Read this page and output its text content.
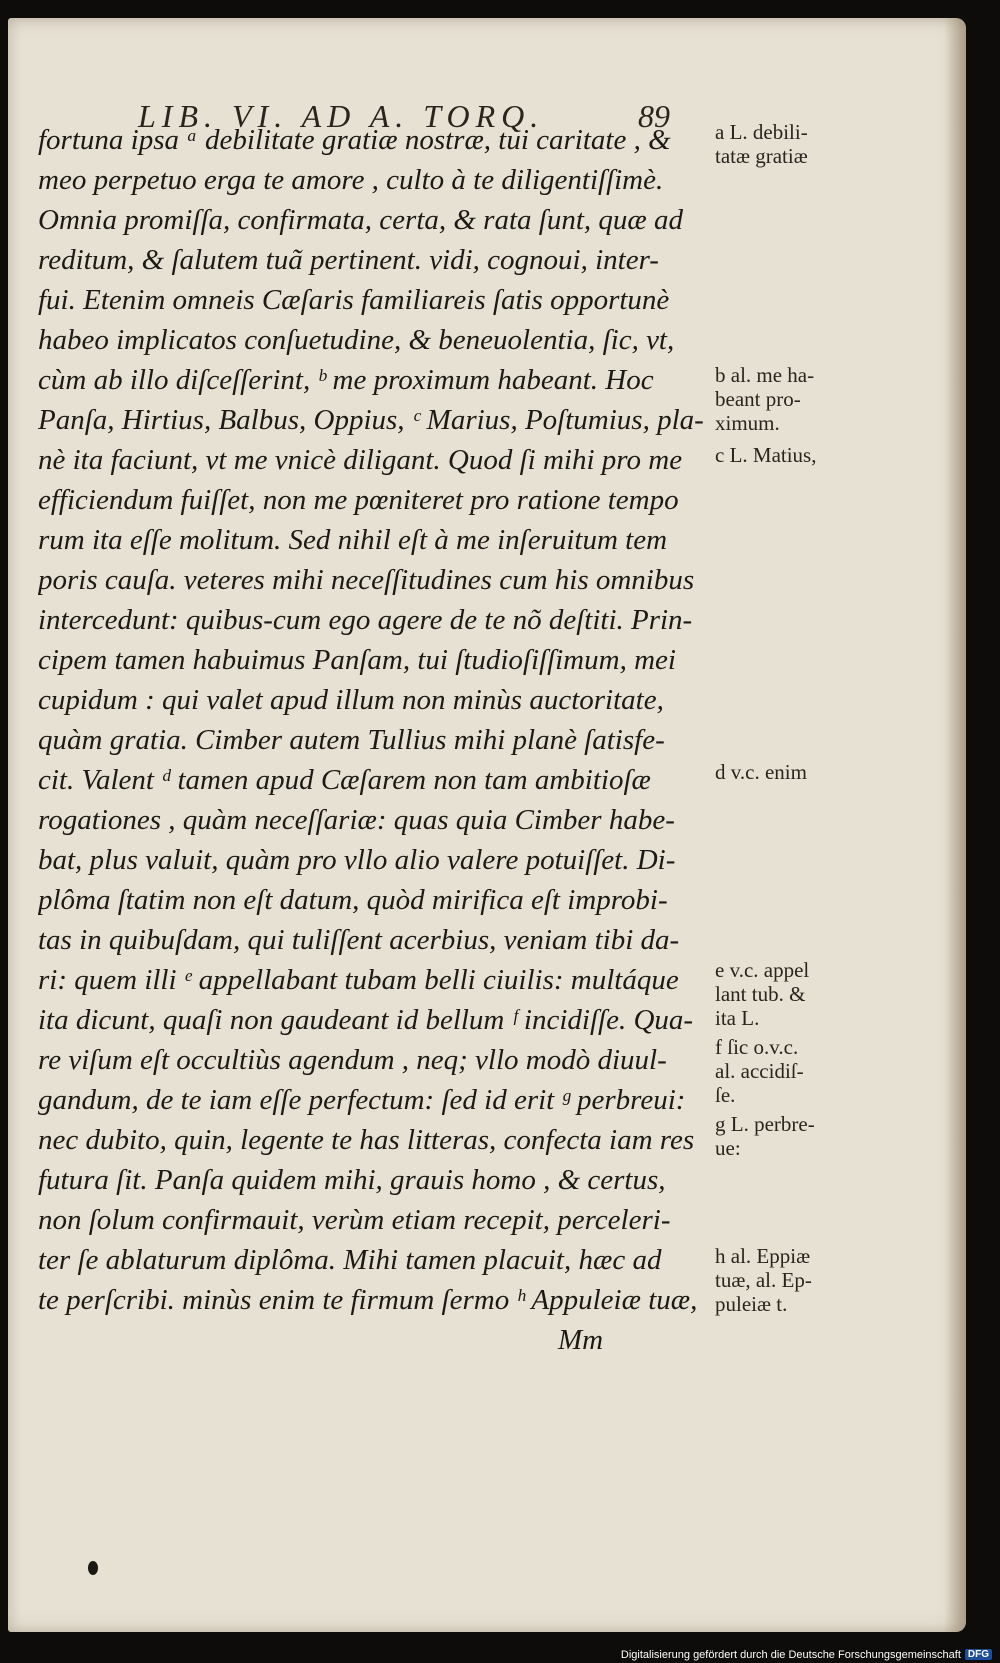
LIB. VI. AD A. TORQ.	89
fortuna ipsa ᵃ debilitate gratiæ nostræ, tui caritate , &
meo perpetuo erga te amore , culto à te diligentiſſimè.
Omnia promiſſa, confirmata, certa, & rata ſunt, quæ ad
reditum, & ſalutem tuã pertinent. vidi, cognoui, inter-
fui. Etenim omneis Cæſaris familiareis ſatis opportunè
habeo implicatos conſuetudine, & beneuolentia, ſic, vt,
cùm ab illo diſceſſerint, ᵇ me proximum habeant. Hoc
Panſa, Hirtius, Balbus, Oppius, ᶜ Marius, Poſtumius, pla-
nè ita faciunt, vt me vnicè diligant. Quod ſi mihi pro me
efficiendum fuiſſet, non me pœniteret pro ratione tempo
rum ita eſſe molitum. Sed nihil eſt à me inſeruitum tem
poris cauſa. veteres mihi neceſſitudines cum his omnibus
intercedunt: quibus-cum ego agere de te nõ deſtiti. Prin-
cipem tamen habuimus Panſam, tui ſtudioſiſſimum, mei
cupidum : qui valet apud illum non minùs auctoritate,
quàm gratia. Cimber autem Tullius mihi planè ſatisfe-
cit. Valent ᵈ tamen apud Cæſarem non tam ambitioſæ
rogationes , quàm neceſſariæ: quas quia Cimber habe-
bat, plus valuit, quàm pro vllo alio valere potuiſſet. Di-
plôma ſtatim non eſt datum, quòd mirifica eſt improbi-
tas in quibuſdam, qui tuliſſent acerbius, veniam tibi da-
ri: quem illi ᵉ appellabant tubam belli ciuilis: multáque
ita dicunt, quaſi non gaudeant id bellum ᶠ incidiſſe. Qua-
re viſum eſt occultiùs agendum , neq; vllo modò diuul-
gandum, de te iam eſſe perfectum: ſed id erit ᵍ perbreui:
nec dubito, quin, legente te has litteras, confecta iam res
futura ſit. Panſa quidem mihi, grauis homo , & certus,
non ſolum confirmauit, verùm etiam recepit, perceleri-
ter ſe ablaturum diplôma. Mihi tamen placuit, hæc ad
te perſcribi. minùs enim te firmum ſermo ʰ Appuleiæ tuæ,
Mm
a L. debili-
tatæ gratiæ
b al. me ha-
beant pro-
ximum.
c L. Matius,
d v.c. enim
e v.c. appel
lant tub. &
ita L.
f ſic o.v.c.
al. accidiſ-
ſe.
g L. perbre-
ue:
h al. Eppiæ
tuæ, al. Ep-
puleiæ t.
Digitalisierung gefördert durch die Deutsche Forschungsgemeinschaft DFG
